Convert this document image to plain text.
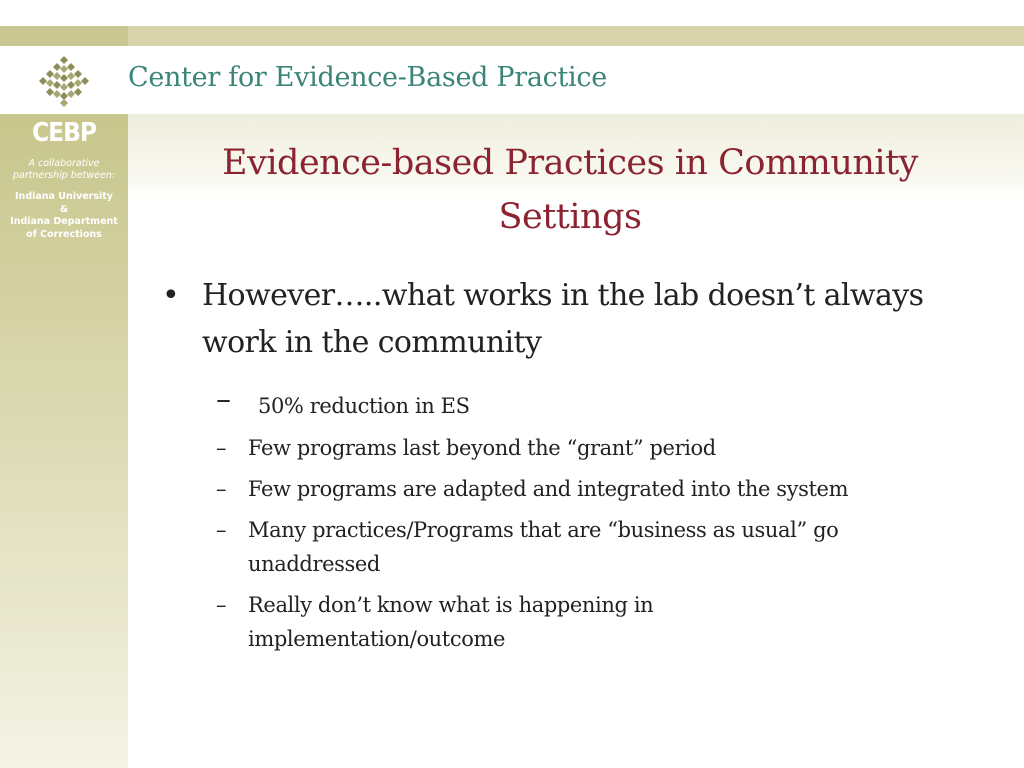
Center for Evidence-Based Practice
CEBP
A collaborative
partnership between:
Indiana University
&
Indiana Department
of Corrections
Evidence-based Practices in Community
Settings
• However…..what works in the lab doesn’t always
work in the community
– 50% reduction in ES
– Few programs last beyond the “grant” period
– Few programs are adapted and integrated into the system
– Many practices/Programs that are “business as usual” go
unaddressed
– Really don’t know what is happening in
implementation/outcome
